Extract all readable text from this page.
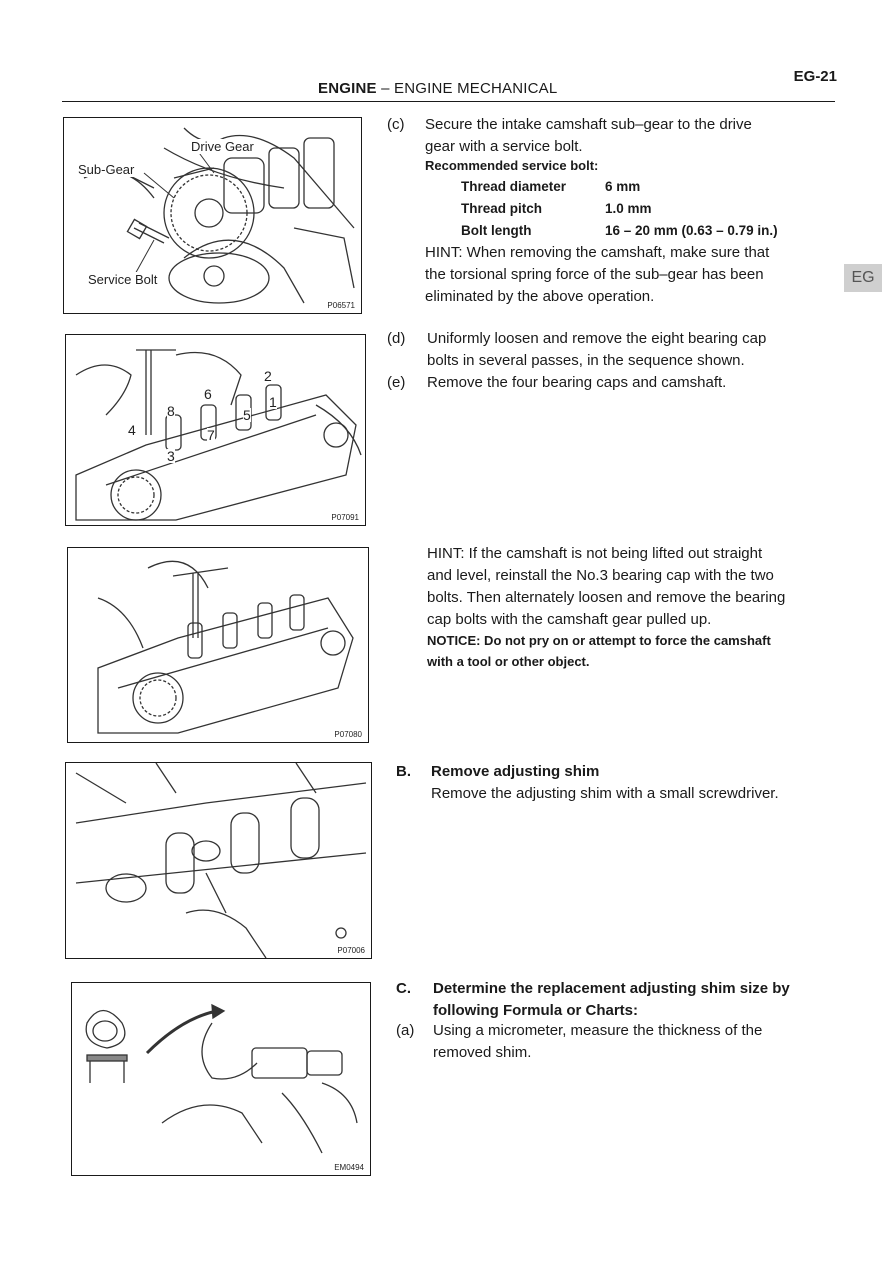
ENGINE – ENGINE MECHANICAL
EG-21
EG
Drive Gear
Sub-Gear
Service Bolt
P06571
2
6	1
8	5
4	7
3
P07091
P07080
P07006
EM0494
(c) Secure the intake camshaft sub–gear to the drive
gear with a service bolt.
Recommended service bolt:
Thread diameter	6 mm
Thread pitch	1.0 mm
Bolt length	16 – 20 mm (0.63 – 0.79 in.)
HINT: When removing the camshaft, make sure that
the torsional spring force of the sub–gear has been
eliminated by the above operation.
(d) Uniformly loosen and remove the eight bearing cap
bolts in several passes, in the sequence shown.
(e) Remove the four bearing caps and camshaft.
HINT: If the camshaft is not being lifted out straight
and level, reinstall the No.3 bearing cap with the two
bolts. Then alternately loosen and remove the bearing
cap bolts with the camshaft gear pulled up.
NOTICE: Do not pry on or attempt to force the camshaft
with a tool or other object.
B. Remove adjusting shim
Remove the adjusting shim with a small screwdriver.
C. Determine the replacement adjusting shim size by
following Formula or Charts:
(a) Using a micrometer, measure the thickness of the
removed shim.
